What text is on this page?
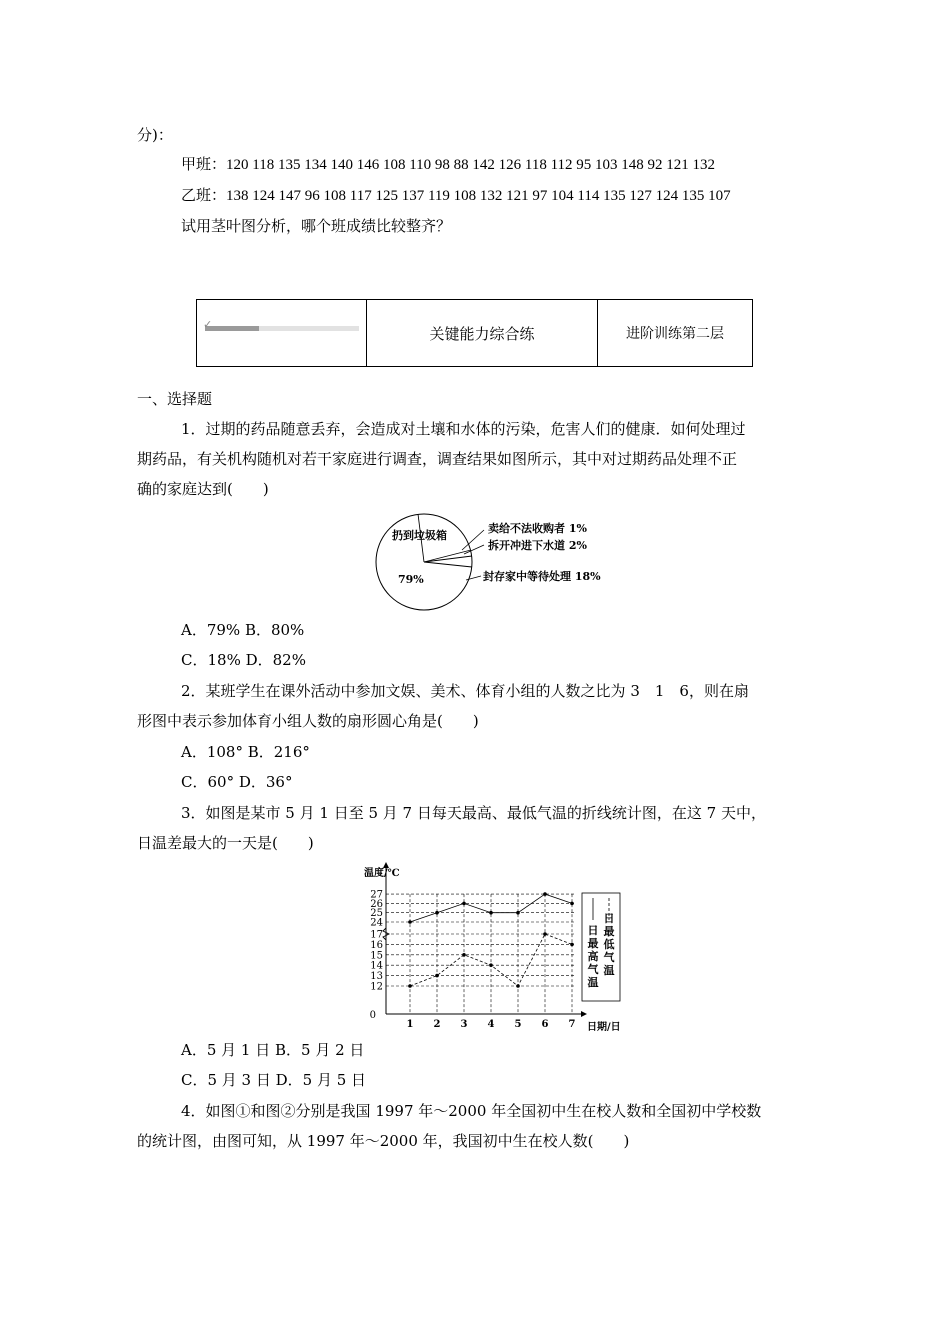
分)：
甲班：120 118 135 134 140 146 108 110 98 88 142 126 118 112 95 103 148 92 121 132
乙班：138 124 147 96 108 117 125 137 119 108 132 121 97 104 114 135 127 124 135 107
试用茎叶图分析，哪个班成绩比较整齐？
✓	关键能力综合练	进阶训练第二层
一、选择题
1．过期的药品随意丢弃，会造成对土壤和水体的污染，危害人们的健康．如何处理过
期药品，有关机构随机对若干家庭进行调查，调查结果如图所示，其中对过期药品处理不正
确的家庭达到(　　)
扔到垃圾箱
79%
卖给不法收购者 1%
拆开冲进下水道 2%
封存家中等待处理 18%
A．79% B．80%
C．18% D．82%
2．某班学生在课外活动中参加文娱、美术、体育小组的人数之比为 3　1　6，则在扇
形图中表示参加体育小组人数的扇形圆心角是(　　)
A．108° B．216°
C．60° D．36°
3．如图是某市 5 月 1 日至 5 月 7 日每天最高、最低气温的折线统计图，在这 7 天中，
日温差最大的一天是(　　)
温度/℃
日期/日
12
13
14
15
16
17
24
25
26
27
1 2 3 4 5 6 7
0
日最高气温
日最低气温
A．5 月 1 日 B．5 月 2 日
C．5 月 3 日 D．5 月 5 日
4．如图①和图②分别是我国 1997 年～2000 年全国初中生在校人数和全国初中学校数
的统计图，由图可知，从 1997 年～2000 年，我国初中生在校人数(　　)
